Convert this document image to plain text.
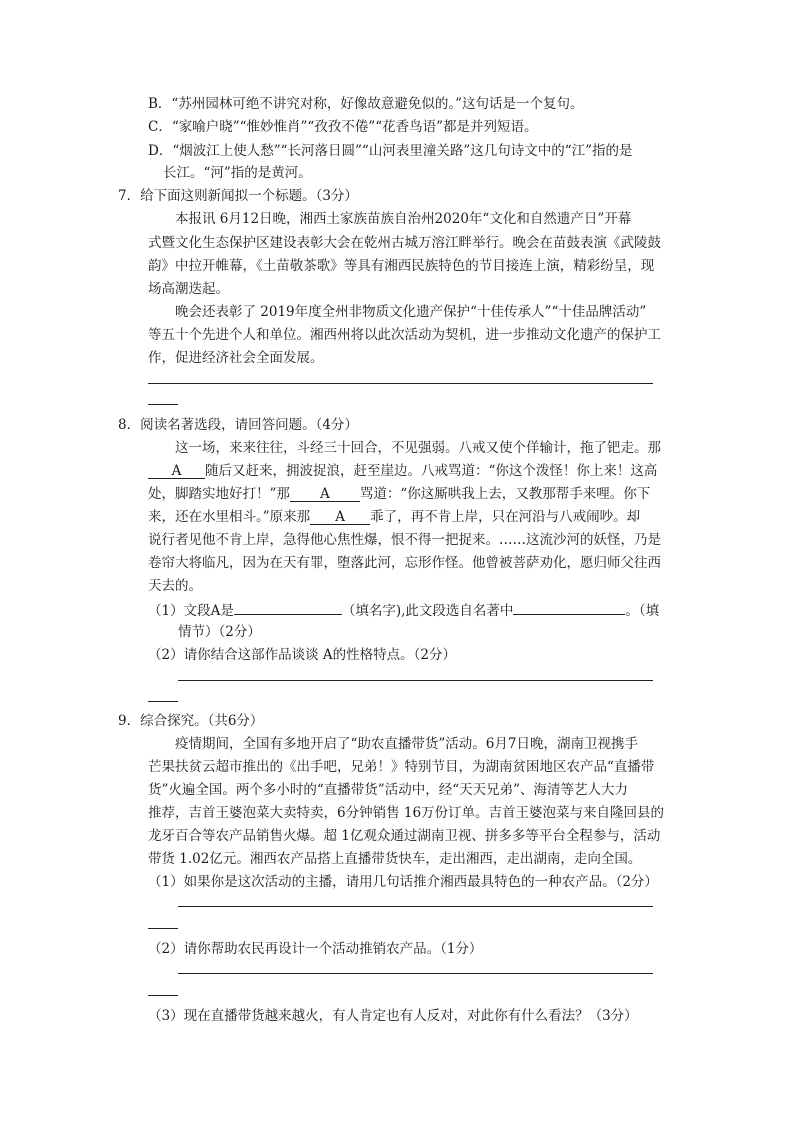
B．“苏州园林可绝不讲究对称，好像故意避免似的。”这句话是一个复句。
C．“家喻户晓”“惟妙惟肖”“孜孜不倦”“花香鸟语”都是并列短语。
D．“烟波江上使人愁”“长河落日圆”“山河表里潼关路”这几句诗文中的“江”指的是
长江。“河”指的是黄河。
7．给下面这则新闻拟一个标题。（3分）
本报讯 6月12日晚，湘西土家族苗族自治州2020年“文化和自然遗产日”开幕
式暨文化生态保护区建设表彰大会在乾州古城万溶江畔举行。晚会在苗鼓表演《武陵鼓
韵》中拉开帷幕，《土苗敬茶歌》等具有湘西民族特色的节目接连上演，精彩纷呈，现
场高潮迭起。
晚会还表彰了 2019年度全州非物质文化遗产保护“十佳传承人”“十佳品牌活动”
等五十个先进个人和单位。湘西州将以此次活动为契机，进一步推动文化遗产的保护工
作，促进经济社会全面发展。
8．阅读名著选段，请回答问题。（4分）
这一场，来来往往，斗经三十回合，不见强弱。八戒又使个佯输计，拖了钯走。那
A 随后又赶来，拥波捉浪，赶至崖边。八戒骂道：“你这个泼怪！你上来！这高
处，脚踏实地好打！”那 A 骂道：“你这厮哄我上去，又教那帮手来哩。你下
来，还在水里相斗。”原来那 A 乖了，再不肯上岸，只在河沿与八戒闹吵。却
说行者见他不肯上岸，急得他心焦性爆，恨不得一把捉来。……这流沙河的妖怪，乃是
卷帘大将临凡，因为在天有罪，堕落此河，忘形作怪。他曾被菩萨劝化，愿归师父往西
天去的。
（1）文段A是	（填名字),此文段选自名著中	。（填
情节）（2分）
（2）请你结合这部作品谈谈 A的性格特点。（2分）
9．综合探究。（共6分）
疫情期间，全国有多地开启了“助农直播带货”活动。6月7日晚，湖南卫视携手
芒果扶贫云超市推出的《出手吧，兄弟！》特别节目，为湖南贫困地区农产品“直播带
货”火遍全国。两个多小时的“直播带货”活动中，经“天天兄弟”、海清等艺人大力
推荐，吉首王婆泡菜大卖特卖，6分钟销售 16万份订单。吉首王婆泡菜与来自隆回县的
龙牙百合等农产品销售火爆。超 1亿观众通过湖南卫视、拼多多等平台全程参与，活动
带货 1.02亿元。湘西农产品搭上直播带货快车，走出湘西，走出湖南，走向全国。
（1）如果你是这次活动的主播，请用几句话推介湘西最具特色的一种农产品。（2分）
（2）请你帮助农民再设计一个活动推销农产品。（1分）
（3）现在直播带货越来越火，有人肯定也有人反对，对此你有什么看法？（3分）
